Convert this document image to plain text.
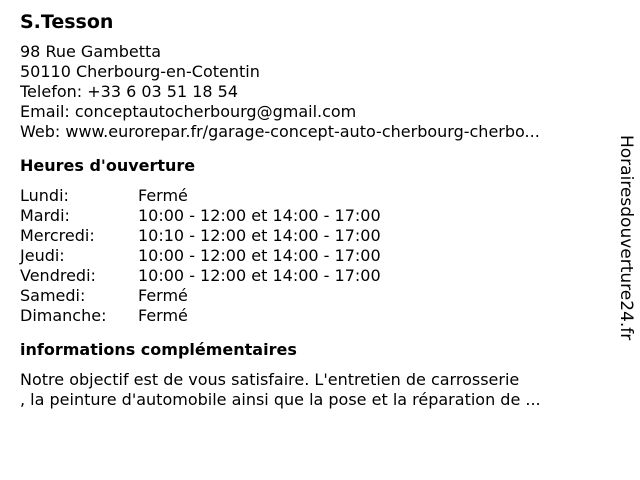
S.Tesson
98 Rue Gambetta
50110 Cherbourg-en-Cotentin
Telefon: +33 6 03 51 18 54
Email: conceptautocherbourg@gmail.com
Web: www.eurorepar.fr/garage-concept-auto-cherbourg-cherbo...
Heures d'ouverture
Lundi:	Fermé
Mardi:	10:00 - 12:00 et 14:00 - 17:00
Mercredi:	10:10 - 12:00 et 14:00 - 17:00
Jeudi:	10:00 - 12:00 et 14:00 - 17:00
Vendredi:	10:00 - 12:00 et 14:00 - 17:00
Samedi:	Fermé
Dimanche:	Fermé
informations complémentaires
Notre objectif est de vous satisfaire. L'entretien de carrosserie
, la peinture d'automobile ainsi que la pose et la réparation de ...
Horairesdouverture24.fr
